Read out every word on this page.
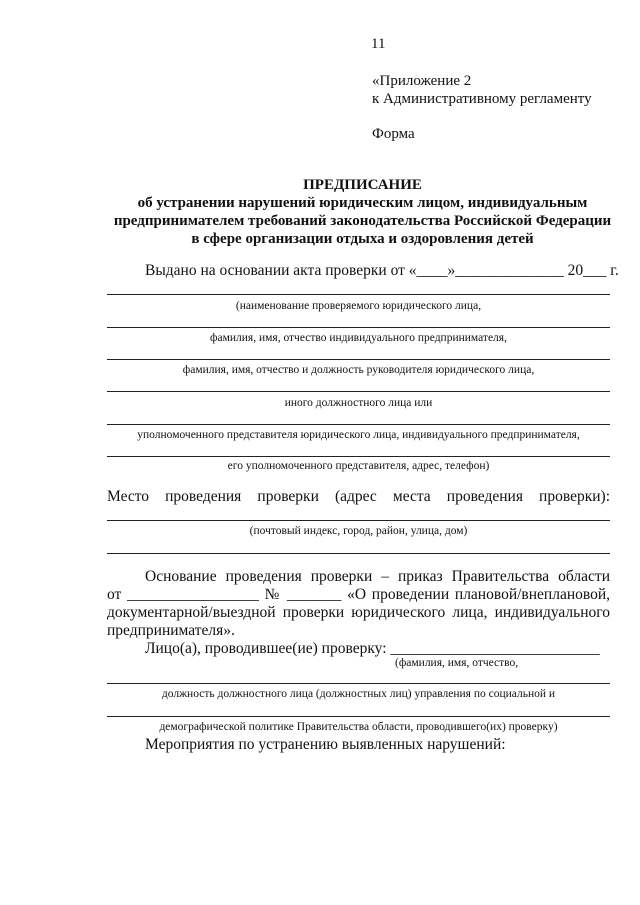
11
«Приложение 2
к Административному регламенту
Форма
ПРЕДПИСАНИЕ
об устранении нарушений юридическим лицом, индивидуальным
предпринимателем требований законодательства Российской Федерации
в сфере организации отдыха и оздоровления детей
Выдано на основании акта проверки от «____»______________ 20___ г.
(наименование проверяемого юридического лица,
фамилия, имя, отчество индивидуального предпринимателя,
фамилия, имя, отчество и должность руководителя юридического лица,
иного должностного лица или
уполномоченного представителя юридического лица, индивидуального предпринимателя,
его уполномоченного представителя, адрес, телефон)
Место проведения проверки (адрес места проведения проверки):
(почтовый индекс, город, район, улица, дом)
Основание проведения проверки – приказ Правительства области
от _________________ № _______ «О проведении плановой/внеплановой,
документарной/выездной проверки юридического лица, индивидуального
предпринимателя».
Лицо(а), проводившее(ие) проверку: ___________________________
(фамилия, имя, отчество,
должность должностного лица (должностных лиц) управления по социальной и
демографической политике Правительства области, проводившего(их) проверку)
Мероприятия по устранению выявленных нарушений:
